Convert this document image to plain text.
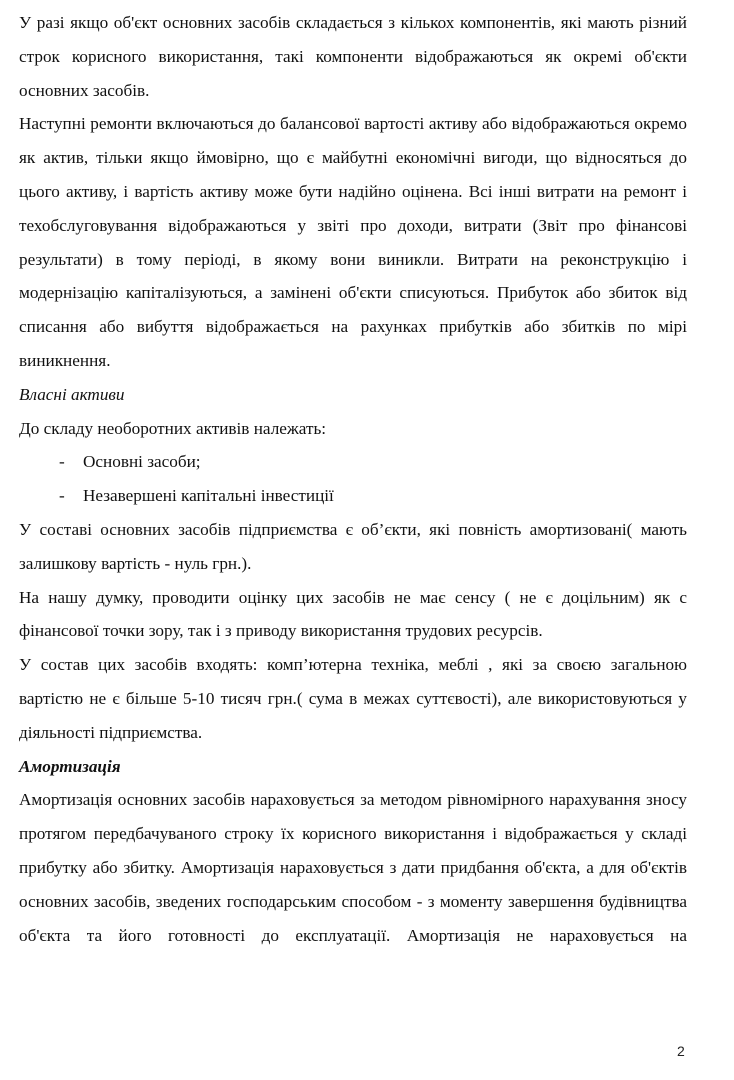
У разі якщо об'єкт основних засобів складається з кількох компонентів, які мають різний строк корисного використання, такі компоненти відображаються як окремі об'єкти основних засобів.

Наступні ремонти включаються до балансової вартості активу або відображаються окремо як актив, тільки якщо ймовірно, що є майбутні економічні вигоди, що відносяться до цього активу, і вартість активу може бути надійно оцінена. Всі інші витрати на ремонт і техобслуговування відображаються у звіті про доходи, витрати (Звіт про фінансові результати) в тому періоді, в якому вони виникли. Витрати на реконструкцію і модернізацію капіталізуються, а замінені об'єкти списуються. Прибуток або збиток від списання або вибуття відображається на рахунках прибутків або збитків по мірі виникнення.

Власні активи

До складу необоротних активів належать:

- Основні засоби;

- Незавершені капітальні інвестиції

У составі основних засобів підприємства є об’єкти, які повність амортизовані( мають залишкову вартість - нуль грн.).

На нашу думку, проводити оцінку цих засобів не має сенсу ( не є доцільним) як с фінансової точки зору, так і з приводу використання трудових ресурсів.

У состав цих засобів входять: комп’ютерна техніка, меблі , які за своєю загальною вартістю не є більше 5-10 тисяч грн.( сума в межах суттєвості), але використовуються у діяльності підприємства.

Амортизація

Амортизація основних засобів нараховується за методом рівномірного нарахування зносу протягом передбачуваного строку їх корисного використання і відображається у складі прибутку або збитку. Амортизація нараховується з дати придбання об'єкта, а для об'єктів основних засобів, зведених господарським способом - з моменту завершення будівництва об'єкта та його готовності до експлуатації. Амортизація не нараховується на

2
